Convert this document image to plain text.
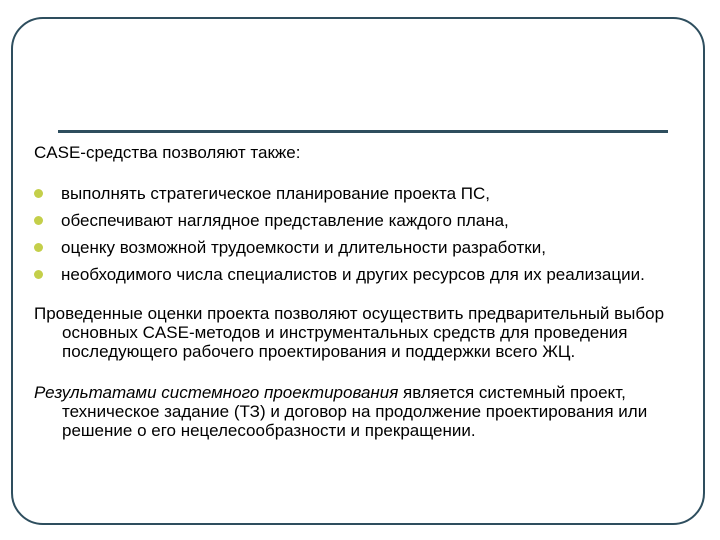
CASE-средства позволяют также:

выполнять стратегическое планирование проекта ПС,
обеспечивают наглядное представление каждого плана,
оценку возможной трудоемкости и длительности разработки,
необходимого числа специалистов и других ресурсов для их реализации.

Проведенные оценки проекта позволяют осуществить предварительный выбор основных CASE-методов и инструментальных средств для проведения последующего рабочего проектирования и поддержки всего ЖЦ.

Результатами системного проектирования является системный проект, техническое задание (ТЗ) и договор на продолжение проектирования или решение о его нецелесообразности и прекращении.
